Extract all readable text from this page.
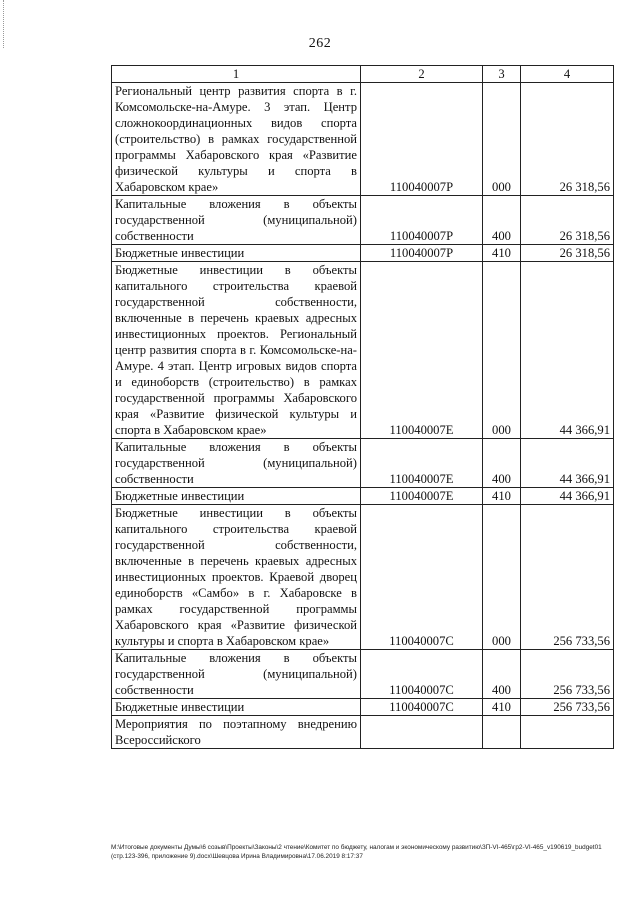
262
1	2	3	4
Региональный центр развития спорта в г. Комсомольске-на-Амуре. 3 этап. Центр сложнокоординационных видов спорта (строительство) в рамках государственной программы Хабаровского края «Развитие физической культуры и спорта в Хабаровском крае»	110040007Р	000	26 318,56
Капитальные вложения в объекты государственной (муниципальной) собственности	110040007Р	400	26 318,56
Бюджетные инвестиции	110040007Р	410	26 318,56
Бюджетные инвестиции в объекты капитального строительства краевой государственной собственности, включенные в перечень краевых адресных инвестиционных проектов. Региональный центр развития спорта в г. Комсомольске-на-Амуре. 4 этап. Центр игровых видов спорта и единоборств (строительство) в рамках государственной программы Хабаровского края «Развитие физической культуры и спорта в Хабаровском крае»	110040007Е	000	44 366,91
Капитальные вложения в объекты государственной (муниципальной) собственности	110040007Е	400	44 366,91
Бюджетные инвестиции	110040007Е	410	44 366,91
Бюджетные инвестиции в объекты капитального строительства краевой государственной собственности, включенные в перечень краевых адресных инвестиционных проектов. Краевой дворец единоборств «Самбо» в г. Хабаровске в рамках государственной программы Хабаровского края «Развитие физической культуры и спорта в Хабаровском крае»	110040007С	000	256 733,56
Капитальные вложения в объекты государственной (муниципальной) собственности	110040007С	400	256 733,56
Бюджетные инвестиции	110040007С	410	256 733,56
Мероприятия по поэтапному внедрению Всероссийского			
М:\Итоговые документы Думы\6 созыв\Проекты\Законы\2 чтение\Комитет по бюджету, налогам и экономическому развитию\ЗП-VI-465\гр2-VI-465_v190619_budget01 (стр.123-396, приложение 9).docx\Шевцова Ирина Владимировна\17.06.2019 8:17:37
